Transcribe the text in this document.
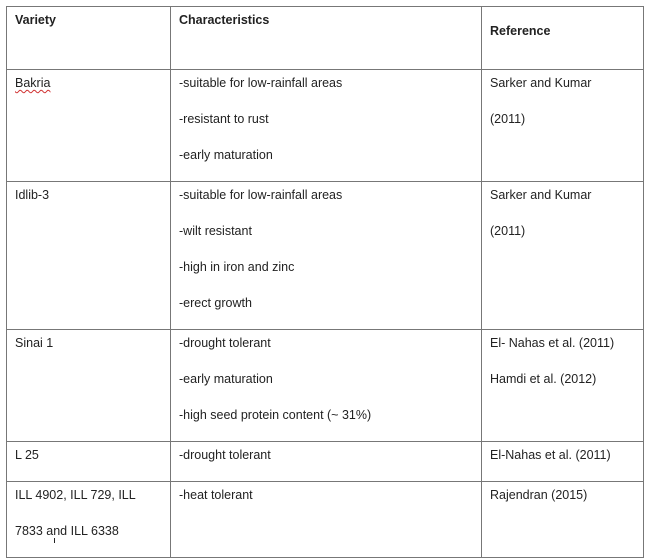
Variety	Characteristics	Reference

Bakria	-suitable for low-rainfall areas
-resistant to rust
-early maturation	Sarker and Kumar
(2011)

Idlib-3	-suitable for low-rainfall areas
-wilt resistant
-high in iron and zinc
-erect growth	Sarker and Kumar
(2011)

Sinai 1	-drought tolerant
-early maturation
-high seed protein content (~ 31%)	El- Nahas et al. (2011)
Hamdi et al. (2012)

L 25	-drought tolerant	El-Nahas et al. (2011)

ILL 4902, ILL 729, ILL
7833 and ILL 6338	-heat tolerant	Rajendran (2015)
